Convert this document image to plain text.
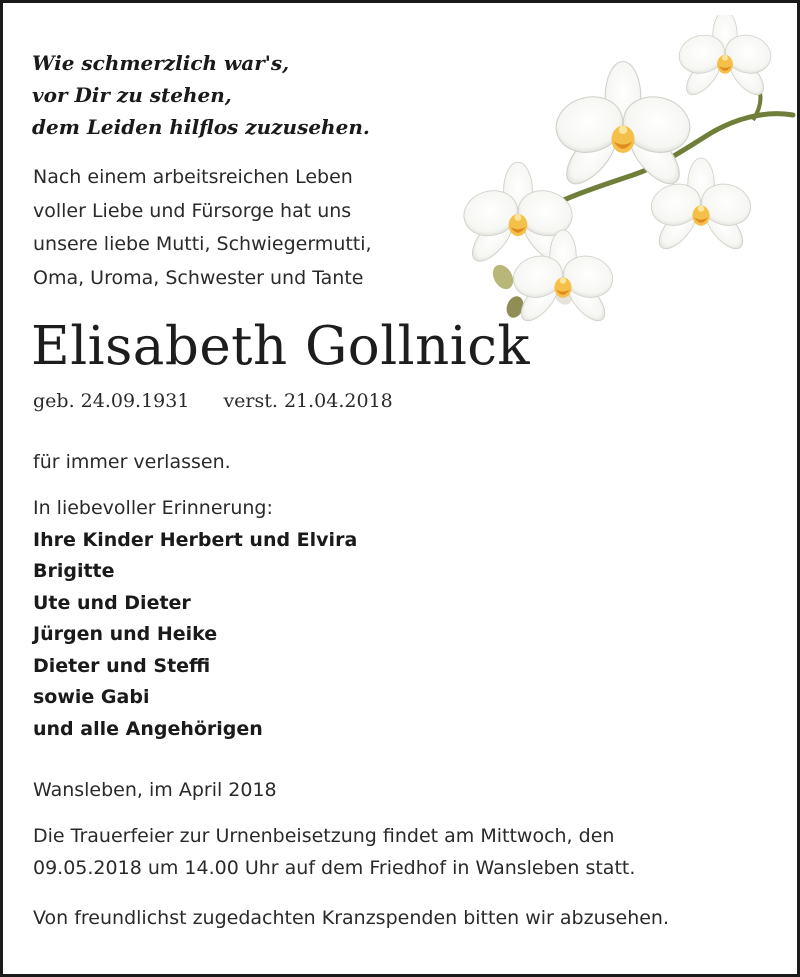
Wie schmerzlich war's,
vor Dir zu stehen,
dem Leiden hilflos zuzusehen.
Nach einem arbeitsreichen Leben
voller Liebe und Fürsorge hat uns
unsere liebe Mutti, Schwiegermutti,
Oma, Uroma, Schwester und Tante
Elisabeth Gollnick
geb. 24.09.1931 verst. 21.04.2018
für immer verlassen.
In liebevoller Erinnerung:
Ihre Kinder Herbert und Elvira
Brigitte
Ute und Dieter
Jürgen und Heike
Dieter und Steffi
sowie Gabi
und alle Angehörigen
Wansleben, im April 2018
Die Trauerfeier zur Urnenbeisetzung findet am Mittwoch, den
09.05.2018 um 14.00 Uhr auf dem Friedhof in Wansleben statt.
Von freundlichst zugedachten Kranzspenden bitten wir abzusehen.
